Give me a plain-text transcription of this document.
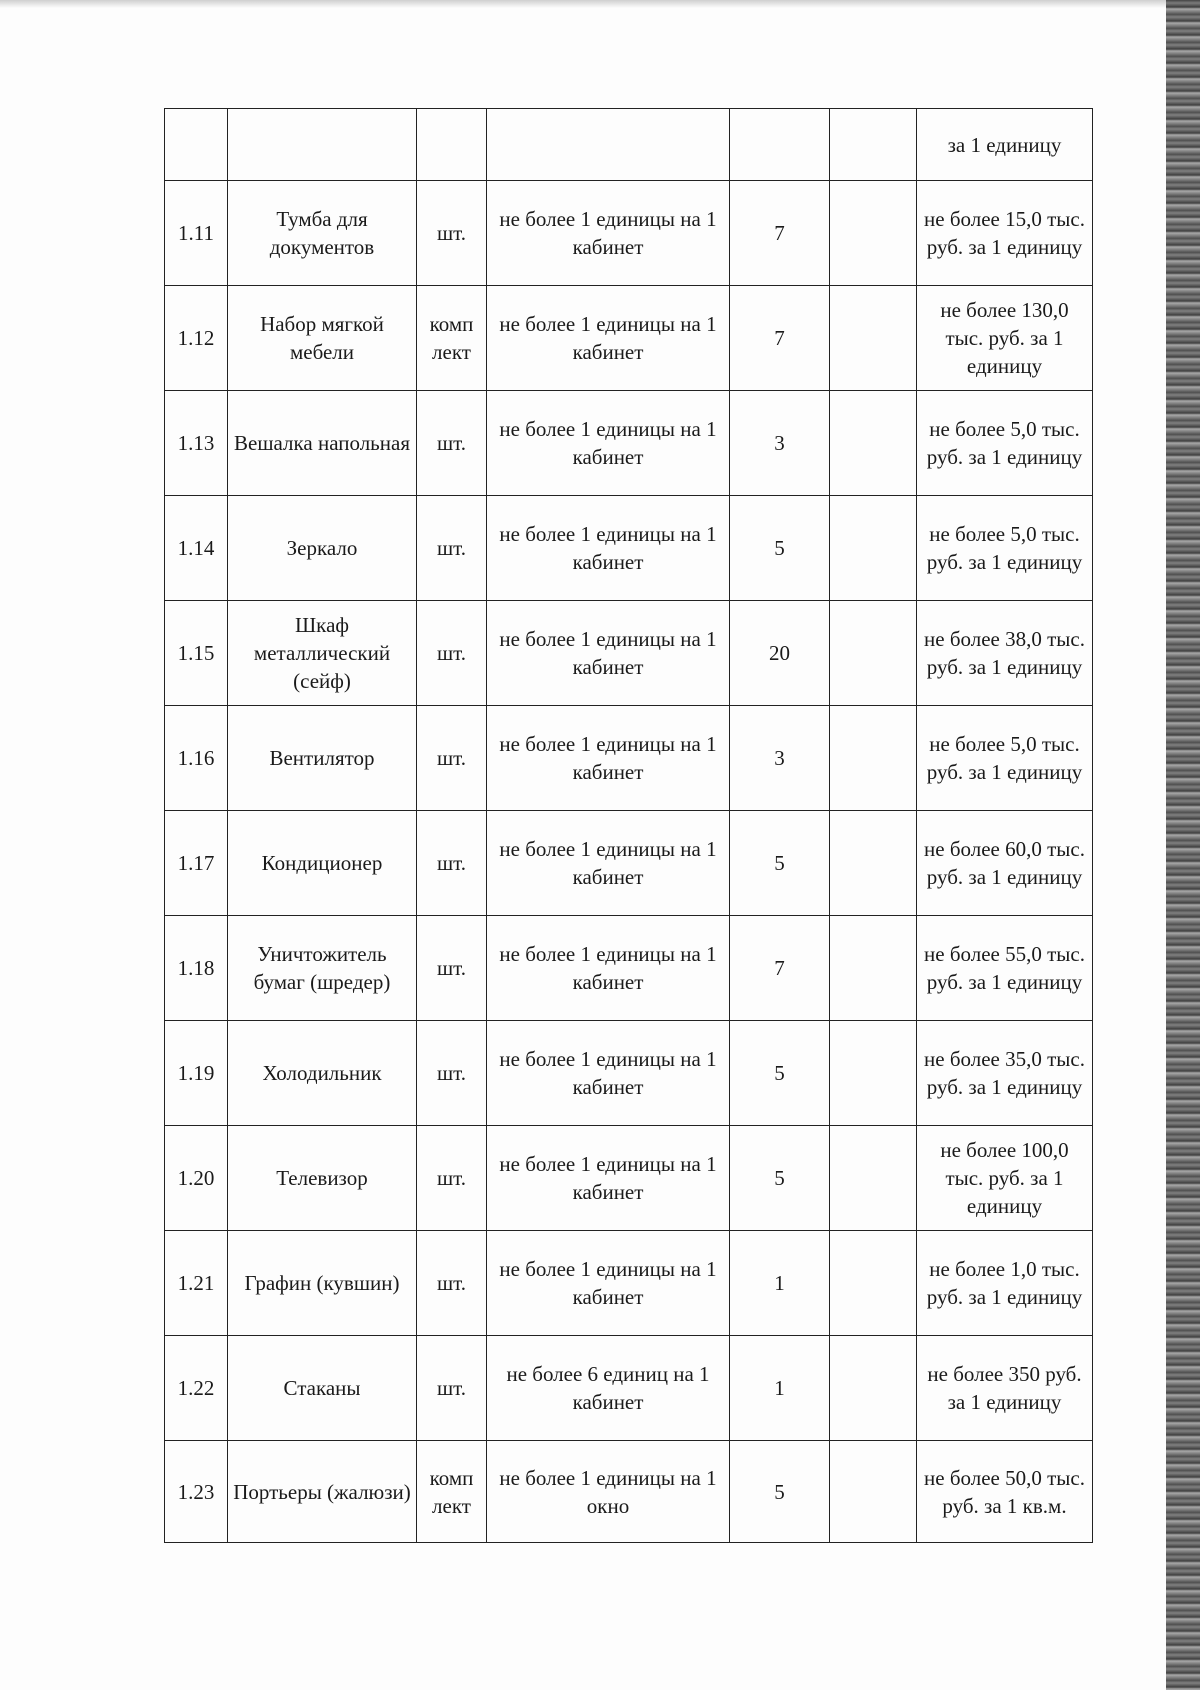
						за 1 единицу
1.11	Тумба для документов	шт.	не более 1 единицы на 1 кабинет	7		не более 15,0 тыс. руб. за 1 единицу
1.12	Набор мягкой мебели	комп лект	не более 1 единицы на 1 кабинет	7		не более 130,0 тыс. руб. за 1 единицу
1.13	Вешалка напольная	шт.	не более 1 единицы на 1 кабинет	3		не более 5,0 тыс. руб. за 1 единицу
1.14	Зеркало	шт.	не более 1 единицы на 1 кабинет	5		не более 5,0 тыс. руб. за 1 единицу
1.15	Шкаф металлический (сейф)	шт.	не более 1 единицы на 1 кабинет	20		не более 38,0 тыс. руб. за 1 единицу
1.16	Вентилятор	шт.	не более 1 единицы на 1 кабинет	3		не более 5,0 тыс. руб. за 1 единицу
1.17	Кондиционер	шт.	не более 1 единицы на 1 кабинет	5		не более 60,0 тыс. руб. за 1 единицу
1.18	Уничтожитель бумаг (шредер)	шт.	не более 1 единицы на 1 кабинет	7		не более 55,0 тыс. руб. за 1 единицу
1.19	Холодильник	шт.	не более 1 единицы на 1 кабинет	5		не более 35,0 тыс. руб. за 1 единицу
1.20	Телевизор	шт.	не более 1 единицы на 1 кабинет	5		не более 100,0 тыс. руб. за 1 единицу
1.21	Графин (кувшин)	шт.	не более 1 единицы на 1 кабинет	1		не более 1,0 тыс. руб. за 1 единицу
1.22	Стаканы	шт.	не более 6 единиц на 1 кабинет	1		не более 350 руб. за 1 единицу
1.23	Портьеры (жалюзи)	комп лект	не более 1 единицы на 1 окно	5		не более 50,0 тыс. руб. за 1 кв.м.
